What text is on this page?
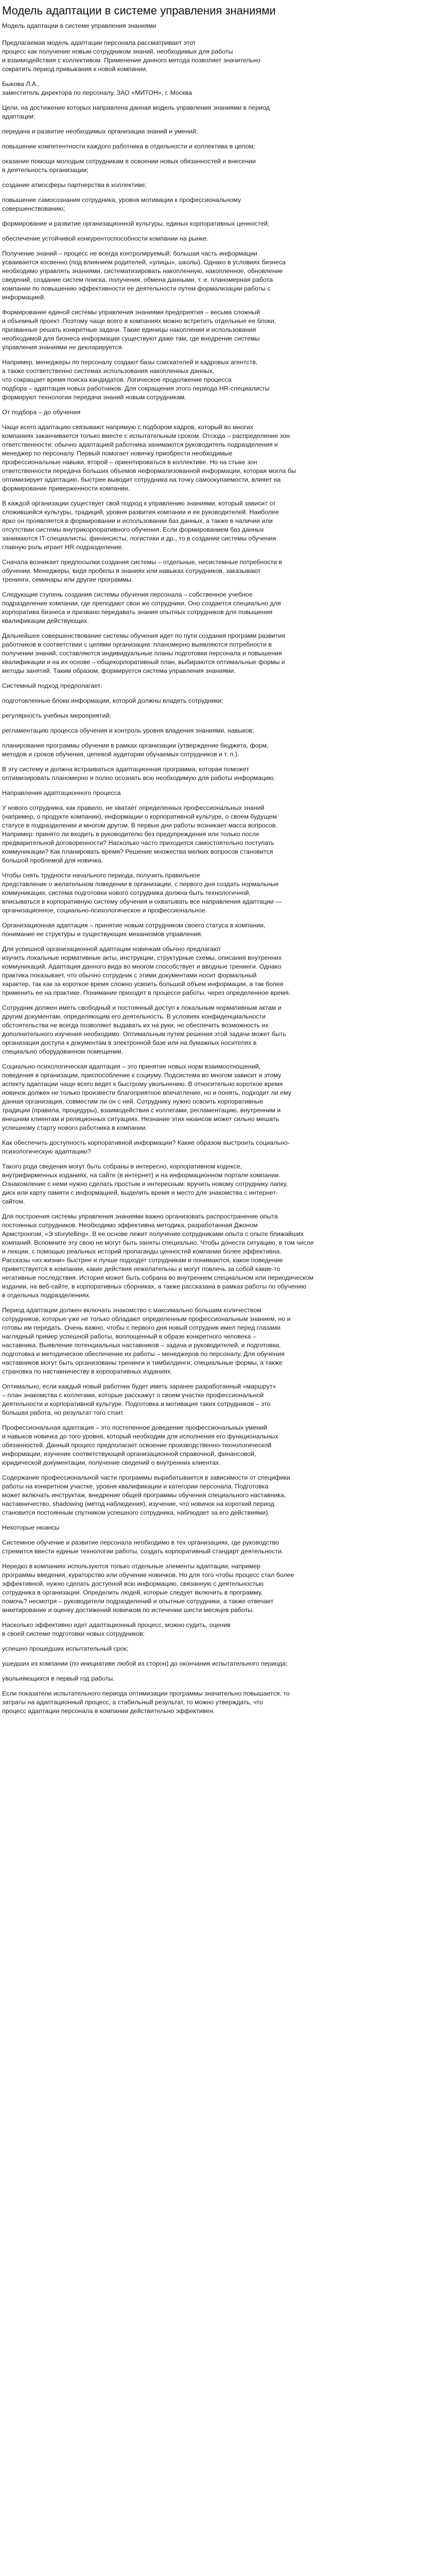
Модель адаптации в системе управления знаниями

Модель адаптации в системе управления знаниями

Предлагаемая модель адаптации персонала рассматривает этот
процесс как получение новым сотрудником знаний, необходимых для работы
и взаимодействия с коллективом. Применение данного метода позволяет значительно
сократить период привыкания к новой компании.

Быкова Л.А.,
заместитель директора по персоналу, ЗАО «МИТОН», г. Москва

Цели, на достижение которых направлена данная модель управления знаниями в период
адаптации:

передача и развитие необходимых организации знаний и умений;

повышение компетентности каждого работника в отдельности и коллектива в целом;

оказание помощи молодым сотрудникам в освоении новых обязанностей и внесении
в деятельность организации;

создание атмосферы партнерства в коллективе;

повышение самосознания сотрудника, уровня мотивации к профессиональному
совершенствованию;

формирование и развитие организационной культуры, единых корпоративных ценностей;

обеспечение устойчивой конкурентоспособности компании на рынке.

Получение знаний – процесс не всегда контролируемый: большая часть информации
усваивается косвенно (под влиянием родителей, «улицы», школы). Однако в условиях бизнеса
необходимо управлять знаниями, систематизировать накопленную, накопленное, обновление
сведений, создание систем поиска, получения, обмена данными, т. е. планомерная работа
компании по повышению эффективности ее деятельности путем формализации работы с
информацией.

Формирование единой системы управления знаниями предприятия – весьма сложный
и объемный проект. Поэтому чаще всего в компаниях можно встретить отдельные ее блоки,
призванные решать конкретные задачи. Такие единицы накопления и использования
необходимой для бизнеса информации существуют даже там, где внедрение системы
управления знаниями не декларируется.

Например, менеджеры по персоналу создают базы соискателей и кадровых агентств,
а также соответственно системах использования накопленных данных,
что сокращает время поиска кандидатов. Логическое продолжение процесса
подбора – адаптация новых работников. Для сокращения этого периода HR-специалисты
формируют технологии передачи знаний новым сотрудникам.

От подбора – до обучения

Чаще всего адаптацию связывают напрямую с подбором кадров, который во многих
компаниях заканчивается только вместе с испытательным сроком. Отсюда – распределение зон
ответственности: обычно адаптацией работника занимаются руководитель подразделения и
менеджер по персоналу. Первый помогает новичку приобрести необходимые
профессиональные навыки, второй – ориентироваться в коллективе. Но на стыке зон
ответственности передача больших объемов неформализованной информации, которая могла бы
оптимизирует адаптацию, быстрее выводит сотрудника на точку самоокупаемости, влияет на
формирование приверженности компании.

В каждой организации существует свой подход к управлению знаниями, который зависит от
сложившейся культуры, традиций, уровня развития компании и ее руководителей. Наиболее
ярко он проявляется в формировании и использовании баз данных, а также в наличии или
отсутствии системы внутрикорпоративного обучения. Если формированием баз данных
занимаются IT-специалисты, финансисты, логистики и др., то в создании системы обучения
главную роль играет HR-подразделение.

Сначала возникает предпосылки создания системы – отдельные, несистемные потребности в
обучении. Менеджеры, видя пробелы в знаниях или навыках сотрудников, заказывают
тренинги, семинары или другие программы.

Следующие ступень создания системы обучения персонала – собственное учебное
подразделение компании, где преподают свои же сотрудники. Оно создается специально для
корпоратива бизнеса и призвано передавать знания опытных сотрудников для повышения
квалификации действующих.

Дальнейшее совершенствование системы обучения идет по пути создания программ развития
работников в соответствии с целями организации: планомерно выявляются потребности в
получении знаний, составляются индивидуальные планы подготовки персонала и повышения
квалификации и на их основе – общекорпоративный план, выбираются оптимальные формы и
методы занятий. Таким образом, формируется система управления знаниями.

Системный подход предполагает:

подготовленные блоки информации, которой должны владеть сотрудники;

регулярность учебных мероприятий;

регламентацию процесса обучения и контроль уровня владения знаниями, навыков;

планирование программы обучения в рамках организации (утверждение бюджета, форм,
методов и сроков обучения, целевой аудитории обучаемых сотрудников и т. п.).

В эту систему и должна встраиваться адаптационная программа, которая поможет
оптимизировать планомерно и полно осознать всю необходимую для работы информацию.

Направления адаптационного процесса

У нового сотрудника, как правило, не хватает определенных профессиональных знаний
(например, о продукте компании), информации о корпоративной культуре, о своем будущем
статусе в подразделении и многом другом. В первые дни работы возникает масса вопросов.
Например: принято ли входить в руководителю без предупреждения или только после
предварительной договоренности? Насколько часто приходится самостоятельно поступать
коммуникации? Как планировать время? Решение множества мелких вопросов становится
большой проблемой для новичка.

Чтобы снять трудности начального периода, получить правильное
представление о желательном поведении в организации, с первого дня создать нормальные
коммуникации, система подготовки нового сотрудника должна быть технологичной,
вписываться в корпоративную систему обучения и охватывать все направления адаптации —
организационное, социально-психологическое и профессиональное.

Организационная адаптация – принятие новым сотрудником своего статуса в компании,
понимание ее структуры и существующих механизмов управления.

Для успешной организационной адаптации новичкам обычно предлагают
изучить локальные нормативные акты, инструкции, структурные схемы, описания внутренних
коммуникаций. Адаптация данного вида во многом способствует и вводные тренинги. Однако
практика показывает, что обычно сотрудник с этими документами носит формальный
характер, так как за короткое время сложно усвоить большой объем информации, а так более
применить ее на практике. Понимание приходит в процессе работы, через определенное время.

Сотрудник должен иметь свободный и постоянный доступ к локальным нормативным актам и
другим документам, определяющим его деятельность. В условиях конфиденциальности
обстоятельства не всегда позволяют выдавать их на руки, но обеспечить возможность их
дополнительного изучения необходимо. Оптимальным путем решения этой задачи может быть
организация доступа к документам в электронной базе или на бумажных носителях в
специально оборудованном помещении.

Социально-психологическая адаптация – это принятие новых норм взаимоотношений,
поведения в организации, приспособление к социуму. Подсистема во многом зависит и этому
аспекту адаптации чаще всего ведет к быстрому увольнению. В относительно короткое время
новичок должен не только произвести благоприятное впечатление, но и понять, подходит ли ему
данная организация, совместим ли он с ней. Сотруднику нужно освоить корпоративные
традиции (правила, процедуры), взаимодействия с коллегами, регламентацию, внутренним и
внешним клиентам и реляционных ситуациях. Незнание этих нюансов может сильно мешать
успешному старту нового работника в компании.

Как обеспечить доступность корпоративной информации? Какие образом выстроить социально-
психологическую адаптацию?

Такого рода сведения могут быть собраны в интересно, корпоративном кодексе,
внутрифирменных изданиях, на сайте (в интернет) и на информационном портале компании.
Ознакомление с неми нужно сделать простым и интересным: вручить новому сотруднику папку,
диск или карту памяти с информацией, выделить время и место для знакомства с интернет-
сайтом.

Для построения системы управления знаниями важно организовать распространение опыта
постоянных сотрудников. Необходимо эффективна методика, разработанная Джоном
Армстронгом, «Э storytelling». В ее основе лежит получение сотрудниками опыта с опыте ближайших
компаний. Вспомните эту свою не могут быть заняты специально. Чтобы донести ситуацию, в том числе
и лекции, с помощью реальных историй пропаганды ценностей компании более эффективна.
Рассказы «из жизни» быстрее и лучше подходят сотрудникам и понимаются, какое поведение
приветствуется в компании, какие действия нежелательны и могут повлечь за собой какие-то
негативные последствия. История может быть собрана во внутреннем специальном или периодическом
издании, на веб-сайте, в корпоративных сборниках, а также рассказана в рамках работы по обучению
в отдельных подразделениях.

Период адаптации должен включать знакомство с максимально большим количеством
сотрудников, которые уже не только обладают определенным профессиональным знанием, но и
готовы им передать. Очень важно, чтобы с первого дня новый сотрудник имел перед глазами
наглядный пример успешной работы, воплощенный в образе конкретного человека –
наставника. Выявление потенциальных наставников – задача и руководителей, и подготовки,
подготовка и методическое обеспечение их работы – менеджеров по персоналу. Для обучения
наставников могут быть организованы тренинги и тимбилдинги; специальные формы, а также
страновка по наставничеству в корпоративных изданиях.

Оптимально, если каждый новый работник будет иметь заранее разработанный «маршрут»
– план знакомства с коллегами, которые расскажут о своем участке профессиональной
деятельности и корпоративной культуре. Подготовка и мотивация таких сотрудников – это
большая работа, но результат того стоит.

Профессиональная адаптация – это постепенное доведение профессиональных умений
и навыков новичка до того уровня, который необходим для исполнения его функциональных
обязанностей. Данный процесс предполагает освоение производственно-технологической
информации, изучение соответствующей организационной справочной, финансовой,
юридической документации, получение сведений о внутренних клиентах.

Содержание профессиональной части программы вырабатывается в зависимости от специфики
работы на конкретном участке, уровня квалификации и категории персонала. Подготовка
может включать инструктаж, внедрение общей программы обучения специального наставника,
наставничество, shadowing (метод наблюдения), изучение, что новичок на короткий период
становится постоянным спутником успешного сотрудника, наблюдает за его действиями).

Некоторые нюансы

Системное обучение и развитие персонала необходимо в тех организациях, где руководство
стремится ввести единые технологии работы, создать корпоративный стандарт деятельности.

Нередко в компаниях используются только отдельные элементы адаптации, например
программы введения, кураторство или обучение новичков. Но для того чтобы процесс стал более
эффективной, нужно сделать доступной всю информацию, связанную с деятельностью
сотрудника в организации. Определить людей, которые следует включить в программу,
помочь? несмотря – руководители подразделений и опытные сотрудники, а также отвечает
анкетирование и оценку достижений новичком по истечении шести месяцев работы.

Насколько эффективно идет адаптационный процесс, можно судить, оценив
в своей системе подготовки новых сотрудников:

успешно прошедших испытательный срок;

ушедших из компании (по инициативе любой из сторон) до окончания испытательного периода;

увольняющихся в первый год работы.

Если показатели испытательного периода оптимизации программы значительно повышается, то
затраты на адаптационный процесс, а стабильный результат, то можно утверждать, что
процесс адаптации персонала в компании действительно эффективен.
